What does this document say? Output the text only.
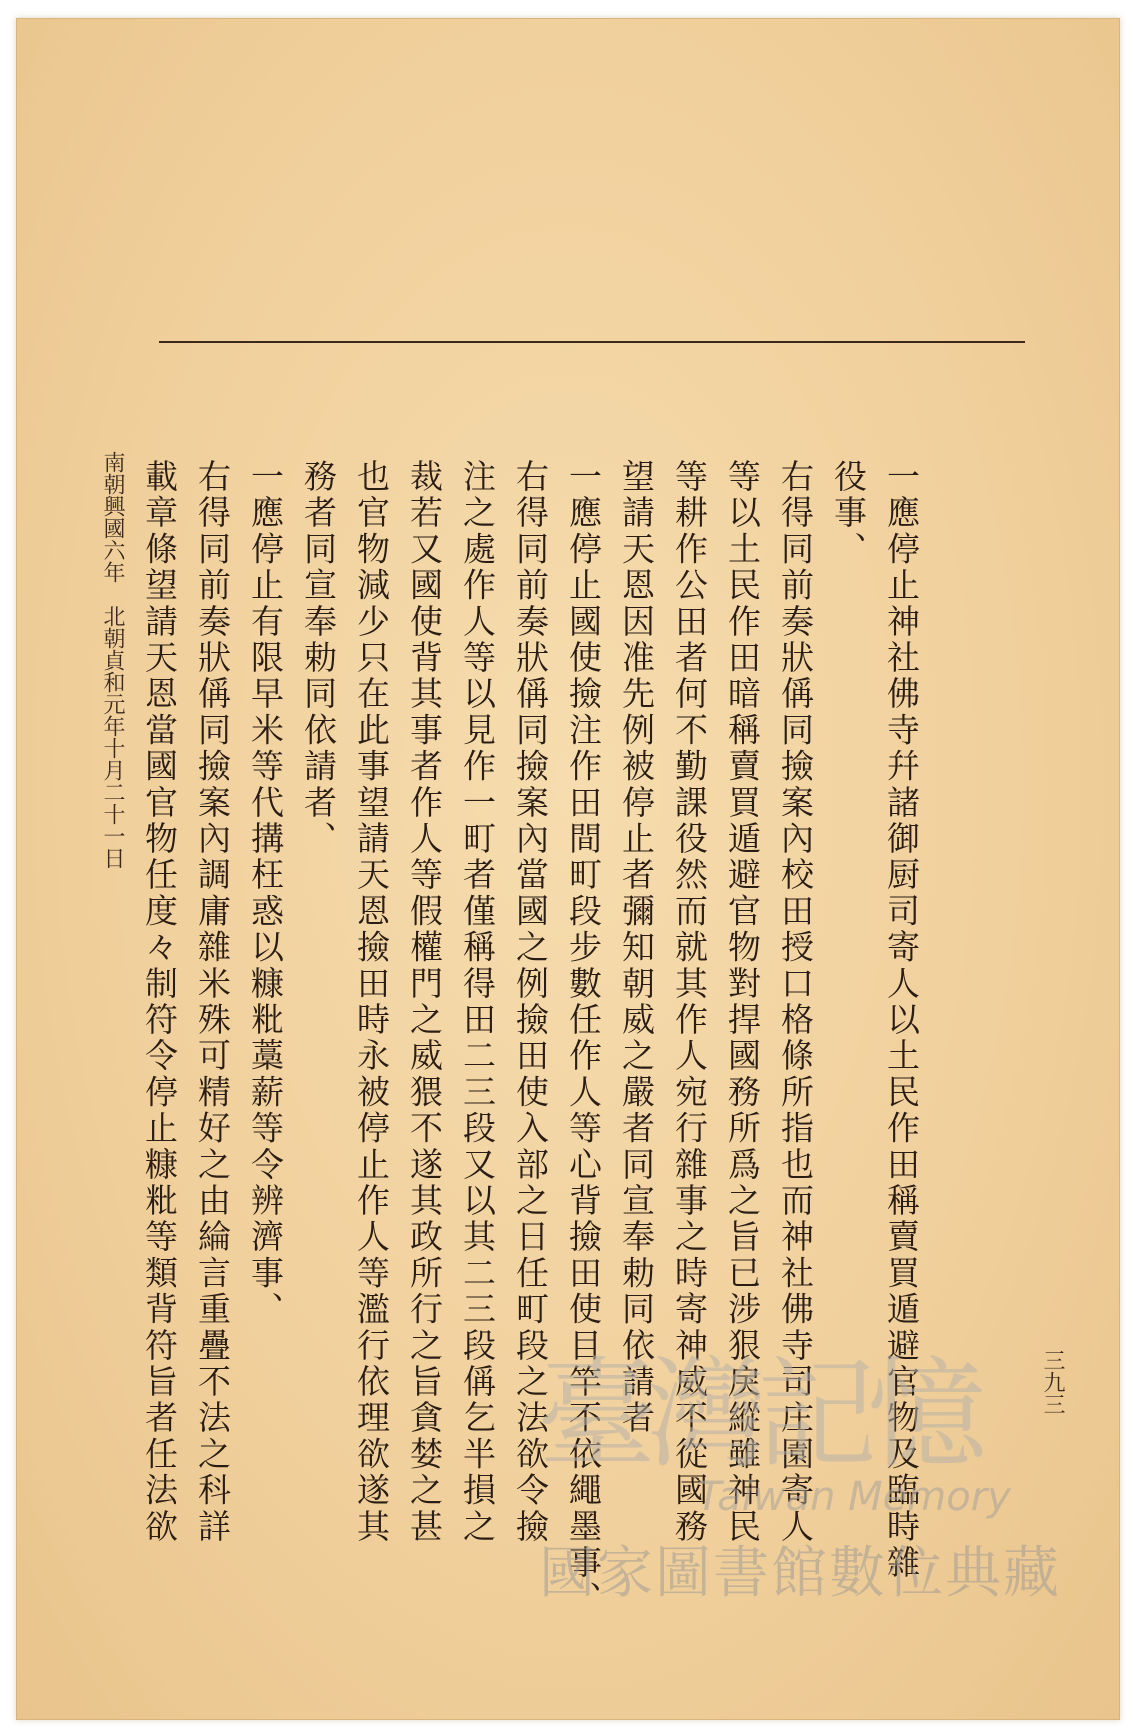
一應停止神社佛寺幷諸御厨司寄人以土民作田稱賣買遁避官物及臨時雜
役事、
右得同前奏狀偁同撿案內校田授口格條所指也而神社佛寺司庄園寄人
等以土民作田暗稱賣買遁避官物對捍國務所爲之旨已涉狠戾縱雖神民
等耕作公田者何不勤課役然而就其作人宛行雜事之時寄神威不從國務
望請天恩因准先例被停止者彌知朝威之嚴者同宣奉勅同依請者
一應停止國使撿注作田間町段步數任作人等心背撿田使目竿不依繩墨事、
右得同前奏狀偁同撿案內當國之例撿田使入部之日任町段之法欲令撿
注之處作人等以見作一町者僅稱得田二三段又以其二三段偁乞半損之
裁若又國使背其事者作人等假權門之威猥不遂其政所行之旨貪婪之甚
也官物減少只在此事望請天恩撿田時永被停止作人等濫行依理欲遂其
務者同宣奉勅同依請者、
一應停止有限早米等代搆枉惑以糠粃藁薪等令辨濟事、
右得同前奏狀偁同撿案內調庸雜米殊可精好之由綸言重疊不法之科詳
載章條望請天恩當國官物任度々制符令停止糠粃等類背符旨者任法欲
南朝興國六年　北朝貞和元年十月二十一日
三九三
臺灣記憶
Taiwan Memory
國家圖書館數位典藏
